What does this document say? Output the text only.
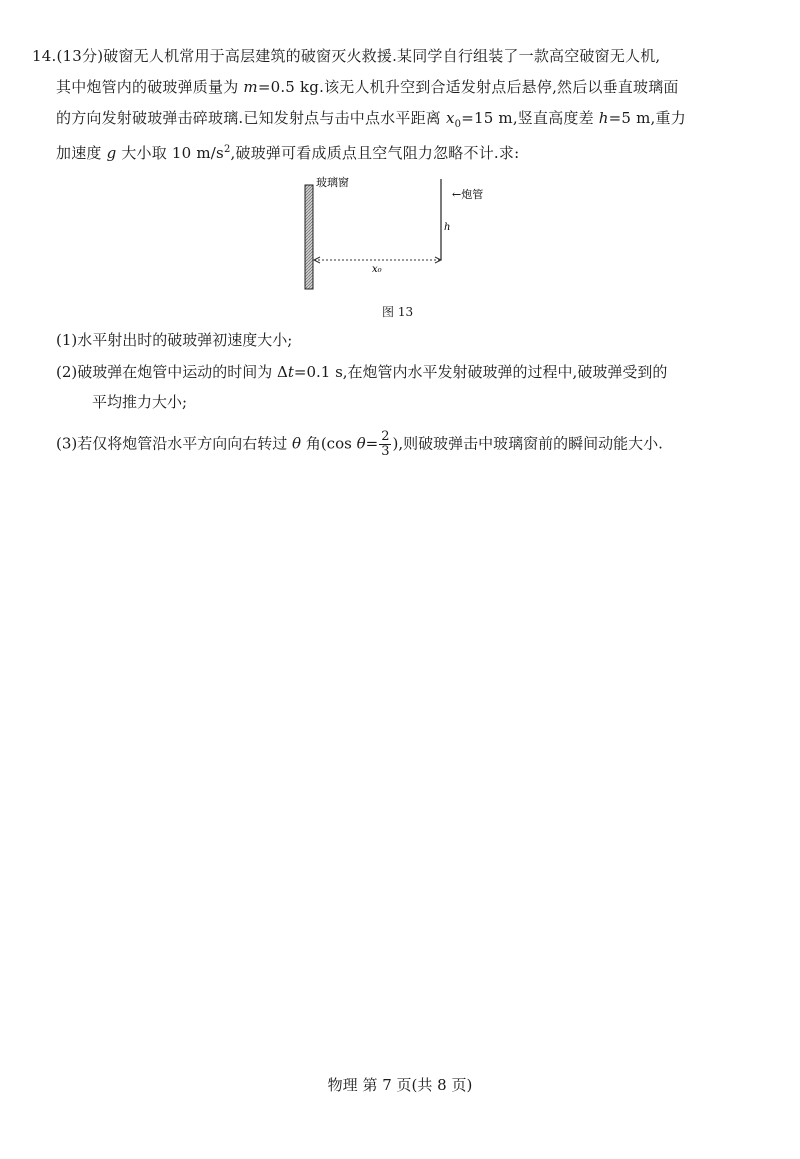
14.(13分)破窗无人机常用于高层建筑的破窗灭火救援.某同学自行组装了一款高空破窗无人机,
其中炮管内的破玻弹质量为 m=0.5 kg.该无人机升空到合适发射点后悬停,然后以垂直玻璃面
的方向发射破玻弹击碎玻璃.已知发射点与击中点水平距离 $x_0=15$ m,竖直高度差 h=5 m,重力
加速度 g 大小取 10 $m/s^2$,破玻弹可看成质点且空气阻力忽略不计.求:
玻璃窗
←炮管
h
x₀
图 13
(1)水平射出时的破玻弹初速度大小;
(2)破玻弹在炮管中运动的时间为 Δt=0.1 s,在炮管内水平发射破玻弹的过程中,破玻弹受到的
平均推力大小;
(3)若仅将炮管沿水平方向向右转过 θ 角(cos $\theta= \frac{2}{3}$ ),则破玻弹击中玻璃窗前的瞬间动能大小.
物理 第 7 页(共 8 页)
